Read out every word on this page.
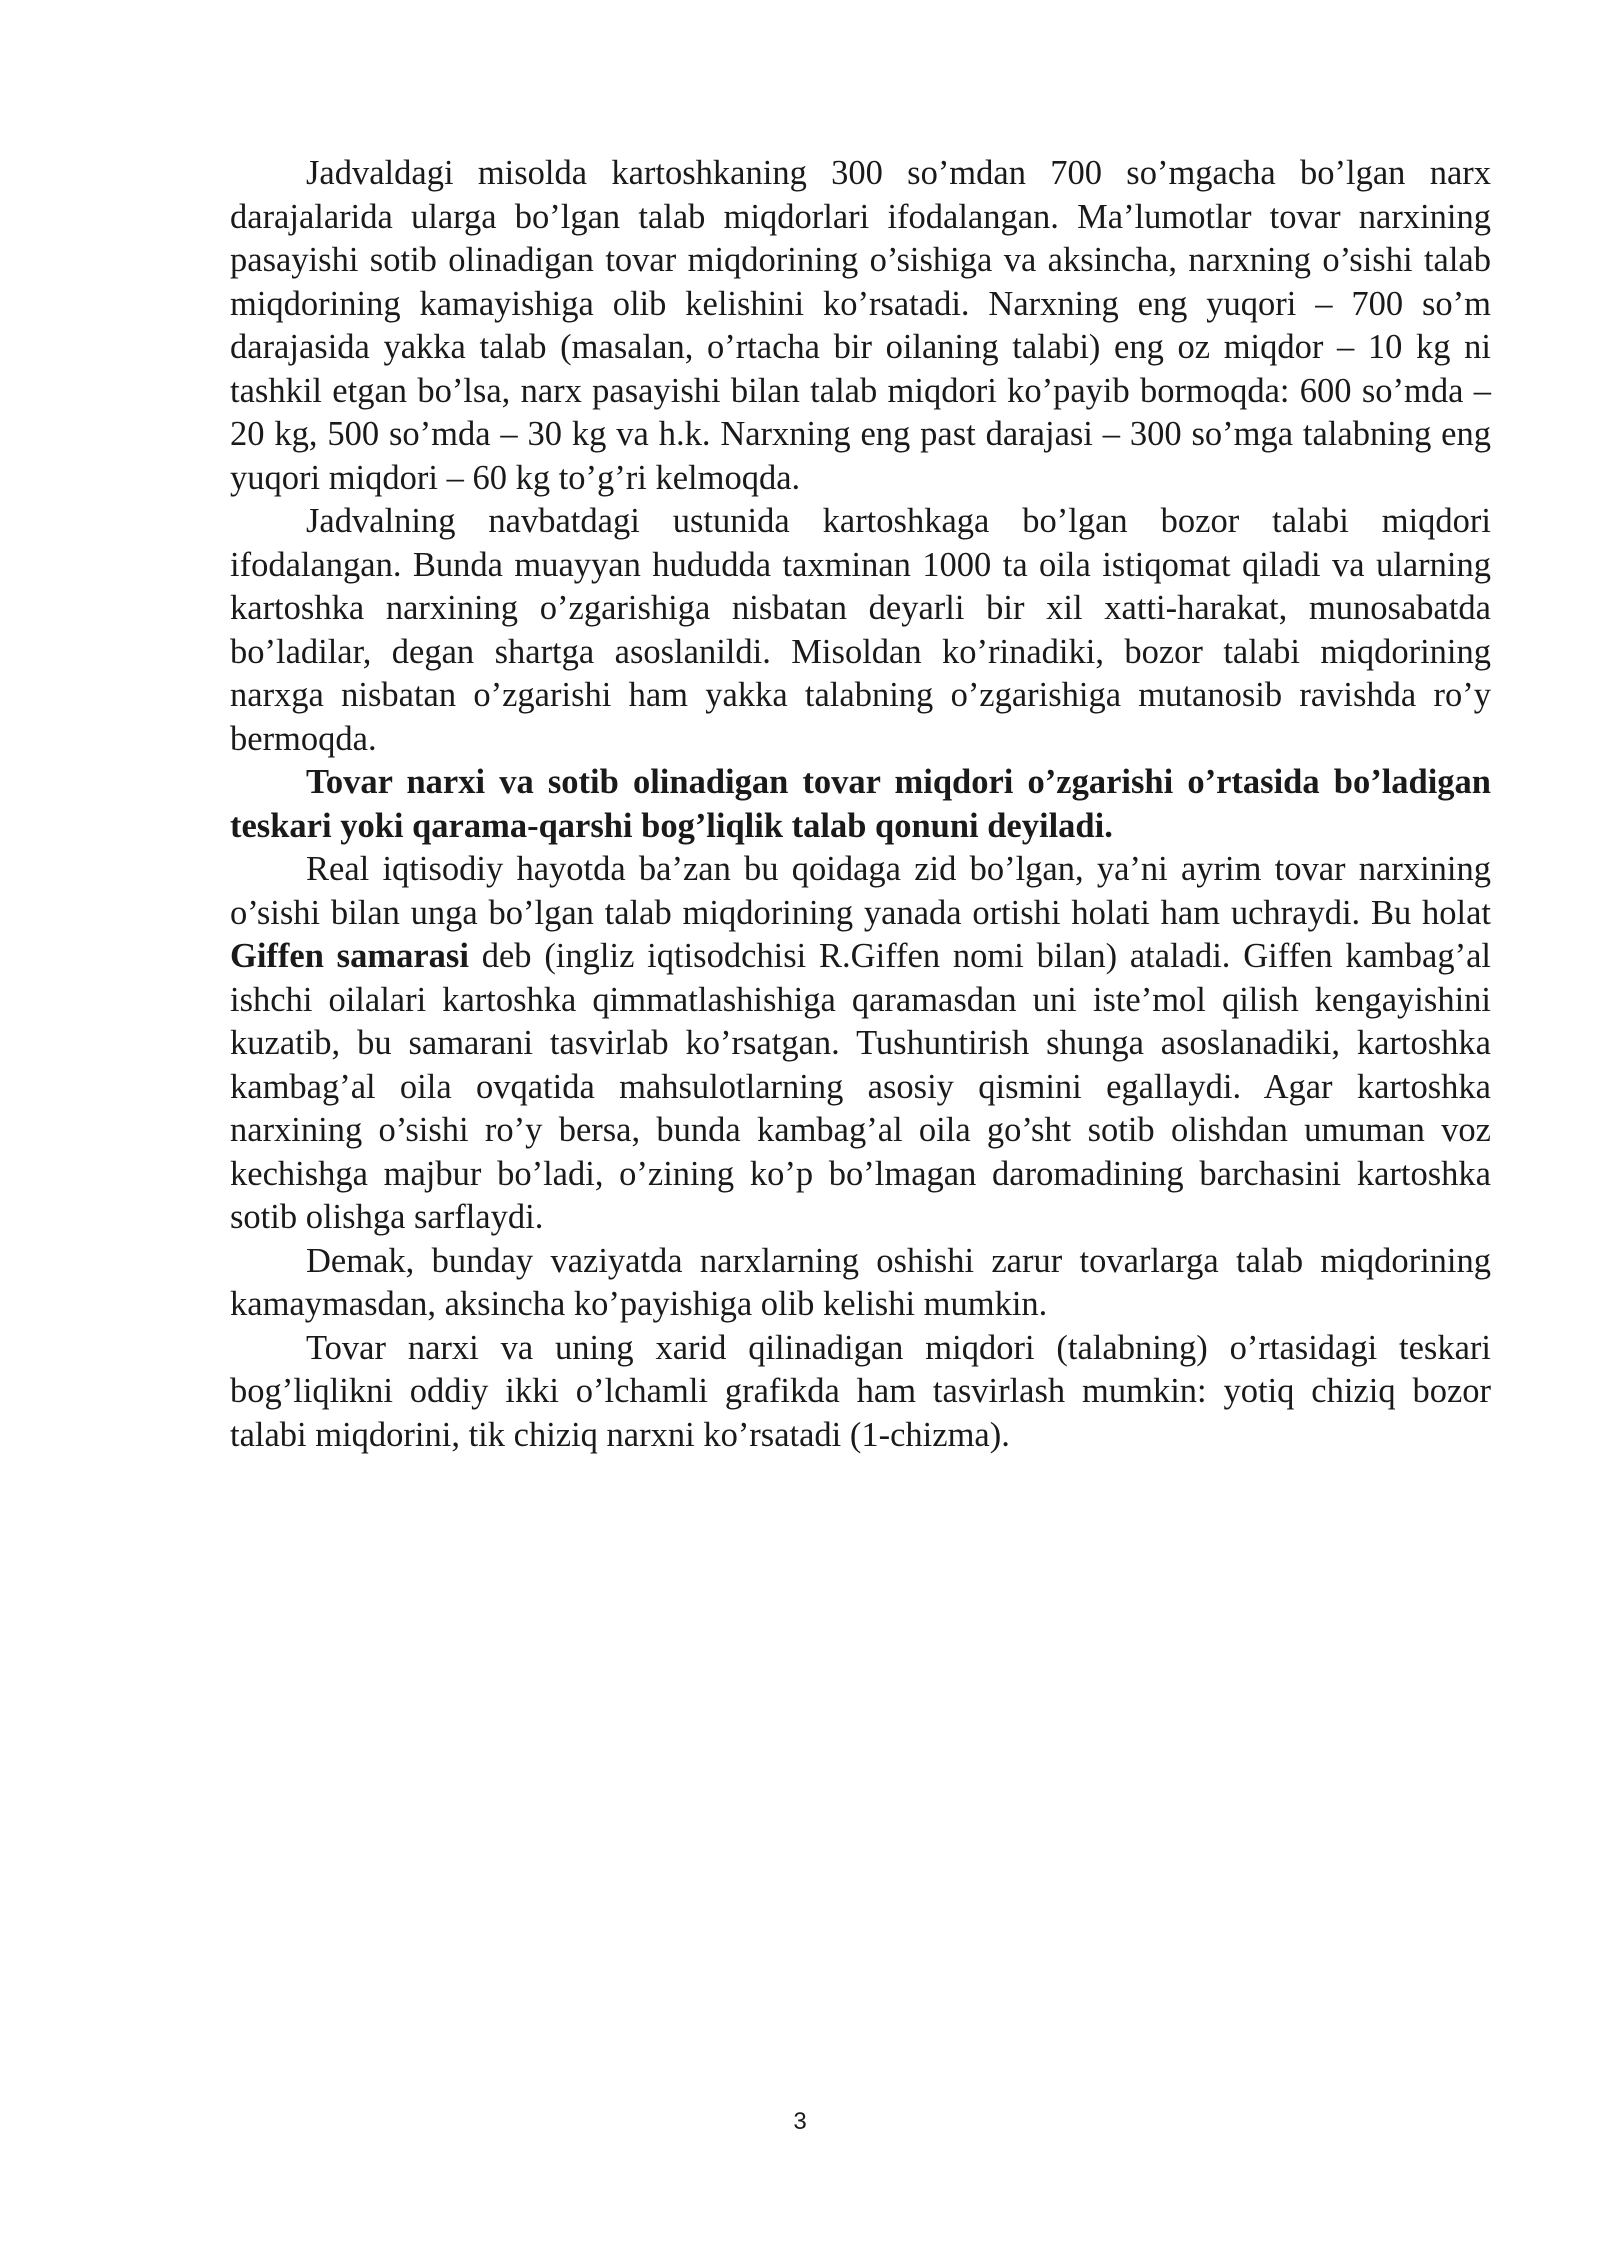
Jadvaldagi misolda kartoshkaning 300 so’mdan 700 so’mgacha bo’lgan narx darajalarida ularga bo’lgan talab miqdorlari ifodalangan. Ma’lumotlar tovar narxining pasayishi sotib olinadigan tovar miqdorining o’sishiga va aksincha, narxning o’sishi talab miqdorining kamayishiga olib kelishini ko’rsatadi. Narxning eng yuqori – 700 so’m darajasida yakka talab (masalan, o’rtacha bir oilaning talabi) eng oz miqdor – 10 kg ni tashkil etgan bo’lsa, narx pasayishi bilan talab miqdori ko’payib bormoqda: 600 so’mda – 20 kg, 500 so’mda – 30 kg va h.k. Narxning eng past darajasi – 300 so’mga talabning eng yuqori miqdori – 60 kg to’g’ri kelmoqda.

Jadvalning navbatdagi ustunida kartoshkaga bo’lgan bozor talabi miqdori ifodalangan. Bunda muayyan hududda taxminan 1000 ta oila istiqomat qiladi va ularning kartoshka narxining o’zgarishiga nisbatan deyarli bir xil xatti-harakat, munosabatda bo’ladilar, degan shartga asoslanildi. Misoldan ko’rinadiki, bozor talabi miqdorining narxga nisbatan o’zgarishi ham yakka talabning o’zgarishiga mutanosib ravishda ro’y bermoqda.

Tovar narxi va sotib olinadigan tovar miqdori o’zgarishi o’rtasida bo’ladigan teskari yoki qarama-qarshi bog’liqlik talab qonuni deyiladi.

Real iqtisodiy hayotda ba’zan bu qoidaga zid bo’lgan, ya’ni ayrim tovar narxining o’sishi bilan unga bo’lgan talab miqdorining yanada ortishi holati ham uchraydi. Bu holat Giffen samarasi deb (ingliz iqtisodchisi R.Giffen nomi bilan) ataladi. Giffen kambag’al ishchi oilalari kartoshka qimmatlashishiga qaramasdan uni iste’mol qilish kengayishini kuzatib, bu samarani tasvirlab ko’rsatgan. Tushuntirish shunga asoslanadiki, kartoshka kambag’al oila ovqatida mahsulotlarning asosiy qismini egallaydi. Agar kartoshka narxining o’sishi ro’y bersa, bunda kambag’al oila go’sht sotib olishdan umuman voz kechishga majbur bo’ladi, o’zining ko’p bo’lmagan daromadining barchasini kartoshka sotib olishga sarflaydi.

Demak, bunday vaziyatda narxlarning oshishi zarur tovarlarga talab miqdorining kamaymasdan, aksincha ko’payishiga olib kelishi mumkin.

Tovar narxi va uning xarid qilinadigan miqdori (talabning) o’rtasidagi teskari bog’liqlikni oddiy ikki o’lchamli grafikda ham tasvirlash mumkin: yotiq chiziq bozor talabi miqdorini, tik chiziq narxni ko’rsatadi (1-chizma).

3
